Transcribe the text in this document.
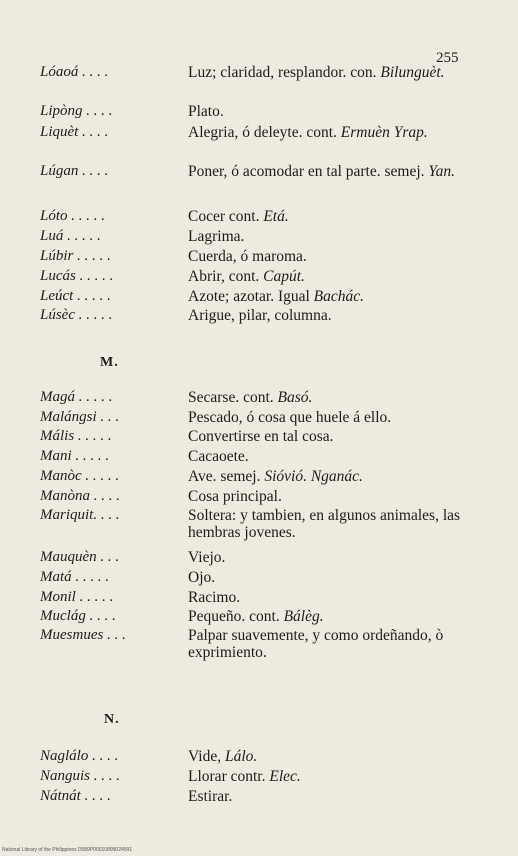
255
Lóaoá . . . .	Luz; claridad, resplandor. con. Bilunguèt.
Lipòng . . . .	Plato.
Liquèt . . . .	Alegria, ó deleyte. cont. Ermuèn Yrap.
Lúgan . . . .	Poner, ó acomodar en tal parte. semej. Yan.
Lóto . . . . .	Cocer cont. Etá.
Luá . . . . .	Lagrima.
Lúbir . . . . .	Cuerda, ó maroma.
Lucás . . . . .	Abrir, cont. Capút.
Leúct . . . . .	Azote; azotar. Igual Bachác.
Lúsèc . . . . .	Arigue, pilar, columna.
M.
Magá . . . . .	Secarse. cont. Basó.
Malángsi . . .	Pescado, ó cosa que huele á ello.
Mális . . . . .	Convertirse en tal cosa.
Mani . . . . .	Cacaoete.
Manòc . . . . .	Ave. semej. Sióvió. Nganác.
Manòna . . . .	Cosa principal.
Mariquit. . . .	Soltera: y tambien, en algunos animales, las hembras jovenes.
Mauquèn . . .	Viejo.
Matá . . . . .	Ojo.
Monil . . . . .	Racimo.
Muclág . . . .	Pequeño. cont. Bálèg.
Muesmues . . .	Palpar suavemente, y como ordeñando, ò exprimiento.
N.
Naglálo . . . .	Vide, Lálo.
Nanguis . . . .	Llorar contr. Elec.
Nátnát . . . .	Estirar.
National Library of the Philippines D089P00010899024591
